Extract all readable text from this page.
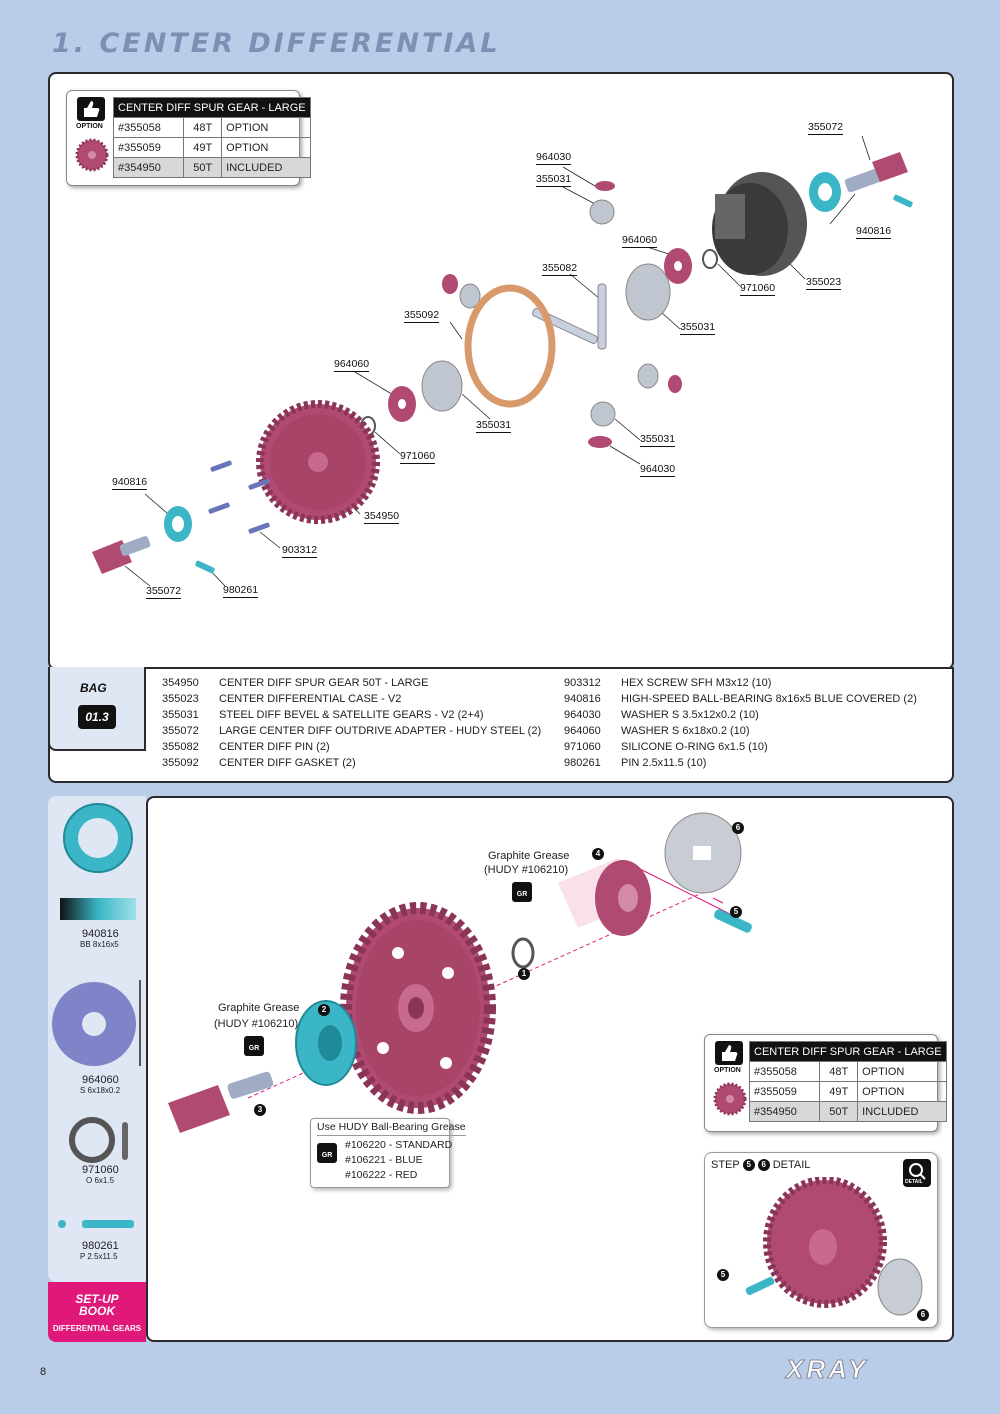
1. CENTER DIFFERENTIAL
OPTION
CENTER DIFF SPUR GEAR - LARGE		
#355058	48T	OPTION
#355059	49T	OPTION
#354950	50T	INCLUDED
355072
964030
355031
964060
355082
940816
971060	355023
355092
355031
964060
355031
971060
355031
964030
940816
354950
903312
355072	980261
354950	CENTER DIFF SPUR GEAR 50T - LARGE
355023	CENTER DIFFERENTIAL CASE - V2
355031	STEEL DIFF BEVEL & SATELLITE GEARS - V2 (2+4)
355072	LARGE CENTER DIFF OUTDRIVE ADAPTER - HUDY STEEL (2)
355082	CENTER DIFF PIN (2)
355092	CENTER DIFF GASKET (2)
903312	HEX SCREW SFH M3x12 (10)
940816	HIGH-SPEED BALL-BEARING 8x16x5 BLUE COVERED (2)
964030	WASHER S 3.5x12x0.2 (10)
964060	WASHER S 6x18x0.2 (10)
971060	SILICONE O-RING 6x1.5 (10)
980261	PIN 2.5x11.5 (10)
BAG
01.3
940816
BB 8x16x5
964060
S 6x18x0.2
971060
O 6x1.5
980261
P 2.5x11.5
SET-UP
BOOK
DIFFERENTIAL GEARS
Graphite Grease
(HUDY #106210)
GR
Graphite Grease
(HUDY #106210)
GR
Use HUDY Ball-Bearing Grease
GR
#106220 - STANDARD
#106221 - BLUE
#106222 - RED
1
2
3
4
5
6
OPTION
CENTER DIFF SPUR GEAR - LARGE		
#355058	48T	OPTION
#355059	49T	OPTION
#354950	50T	INCLUDED
STEP 5	6 DETAIL
DETAIL
5
6
8	XRAY
